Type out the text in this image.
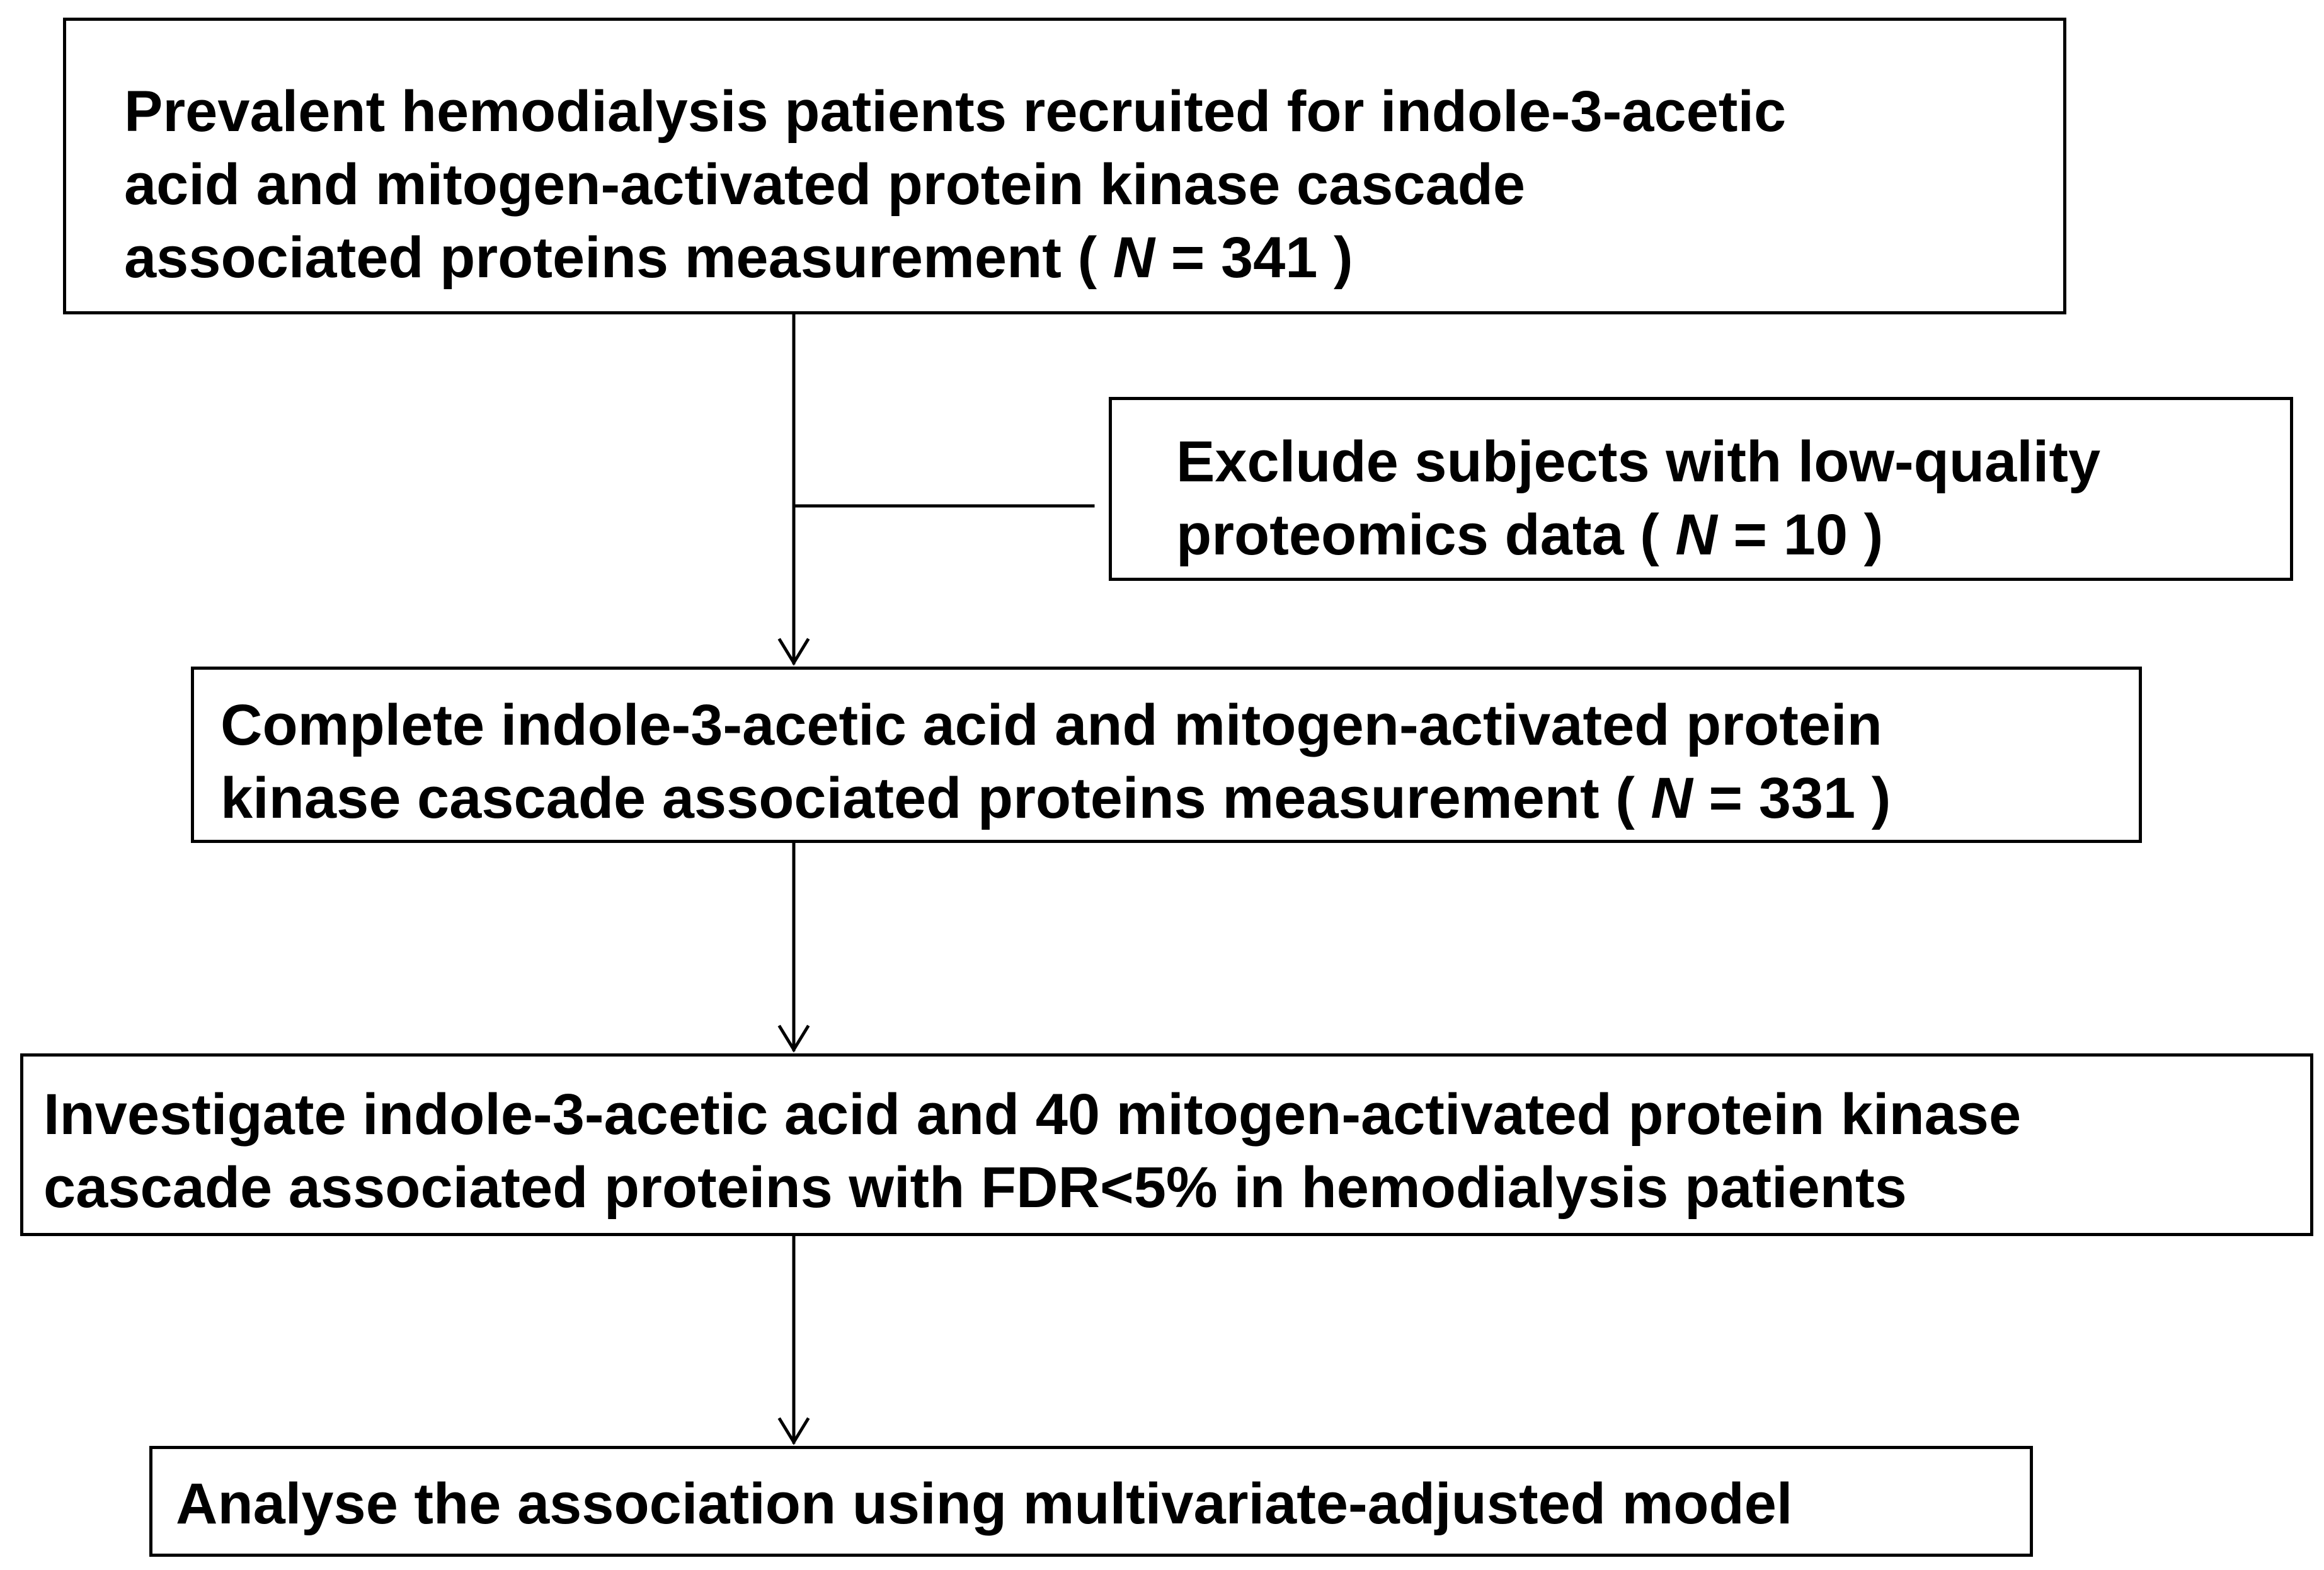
Prevalent hemodialysis patients recruited for indole-3-acetic
acid and mitogen-activated protein kinase cascade
associated proteins measurement ( N = 341 )
Exclude subjects with low-quality
proteomics data ( N = 10 )
Complete indole-3-acetic acid and mitogen-activated protein
kinase cascade associated proteins measurement ( N = 331 )
Investigate indole-3-acetic acid and 40 mitogen-activated protein kinase
cascade associated proteins with FDR<5% in hemodialysis patients
Analyse the association using multivariate-adjusted model
